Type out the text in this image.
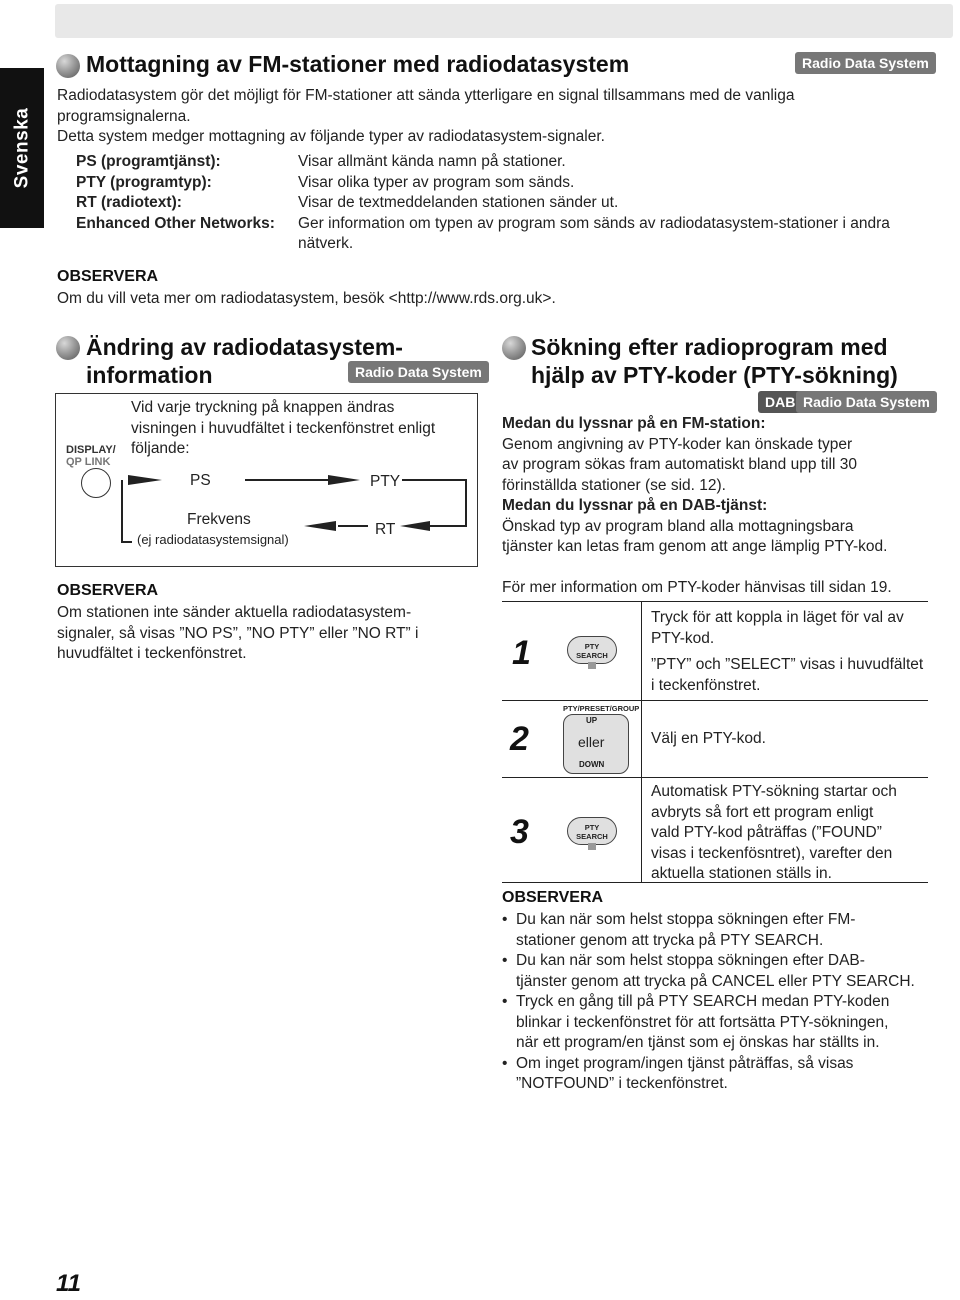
Svenska
Mottagning av FM-stationer med radiodatasystem	Radio Data System
Radiodatasystem gör det möjligt för FM-stationer att sända ytterligare en signal tillsammans med de vanliga
programsignalerna.
Detta system medger mottagning av följande typer av radiodatasystem-signaler.
PS (programtjänst):	Visar allmänt kända namn på stationer.
PTY (programtyp):	Visar olika typer av program som sänds.
RT (radiotext):	Visar de textmeddelanden stationen sänder ut.
Enhanced Other Networks:	Ger information om typen av program som sänds av radiodatasystem-stationer i andra
nätverk.
OBSERVERA
Om du vill veta mer om radiodatasystem, besök <http://www.rds.org.uk>.
Ändring av radiodatasystem-
information	Radio Data System
DISPLAY/
QP LINK
Vid varje tryckning på knappen ändras
visningen i huvudfältet i teckenfönstret enligt
följande:
PS	PTY
RT
Frekvens
(ej radiodatasystemsignal)
OBSERVERA
Om stationen inte sänder aktuella radiodatasystem-
signaler, så visas ”NO PS”, ”NO PTY” eller ”NO RT” i
huvudfältet i teckenfönstret.
Sökning efter radioprogram med
hjälp av PTY-koder (PTY-sökning)
DAB Radio Data System
Medan du lyssnar på en FM-station:
Genom angivning av PTY-koder kan önskade typer
av program sökas fram automatiskt bland upp till 30
förinställda stationer (se sid. 12).
Medan du lyssnar på en DAB-tjänst:
Önskad typ av program bland alla mottagningsbara
tjänster kan letas fram genom att ange lämplig PTY-kod.
För mer information om PTY-koder hänvisas till sidan 19.
1	PTY SEARCH
Tryck för att koppla in läget för val av
PTY-kod.
”PTY” och ”SELECT” visas i huvudfältet
i teckenfönstret.
2
PTY/PRESET/GROUP
UP
eller
DOWN
Välj en PTY-kod.
3	PTY SEARCH
Automatisk PTY-sökning startar och
avbryts så fort ett program enligt
vald PTY-kod påträffas (”FOUND”
visas i teckenfösntret), varefter den
aktuella stationen ställs in.
OBSERVERA
• Du kan när som helst stoppa sökningen efter FM-
stationer genom att trycka på PTY SEARCH.
• Du kan när som helst stoppa sökningen efter DAB-
tjänster genom att trycka på CANCEL eller PTY SEARCH.
• Tryck en gång till på PTY SEARCH medan PTY-koden
blinkar i teckenfönstret för att fortsätta PTY-sökningen,
när ett program/en tjänst som ej önskas har ställts in.
• Om inget program/ingen tjänst påträffas, så visas
”NOTFOUND” i teckenfönstret.
11
